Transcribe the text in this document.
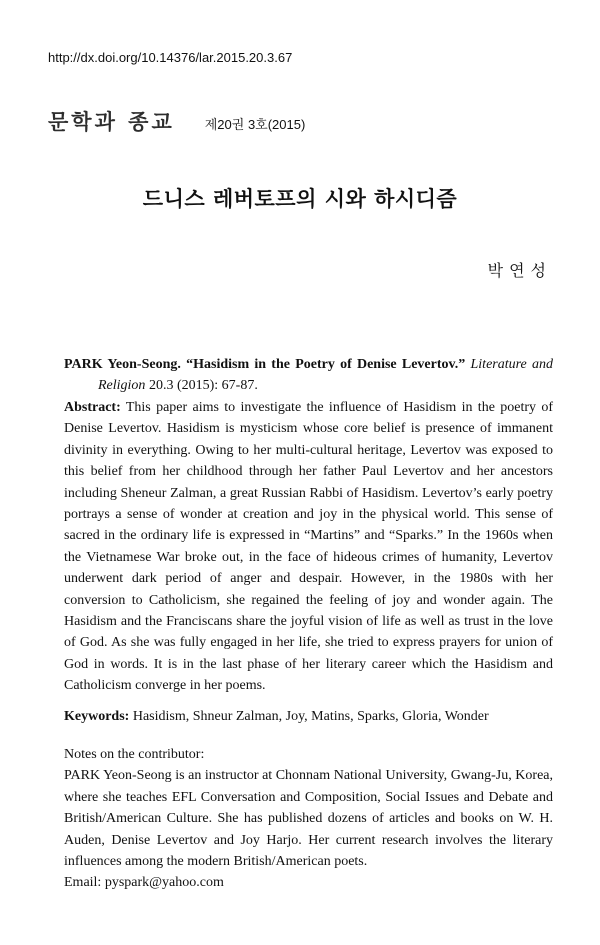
http://dx.doi.org/10.14376/lar.2015.20.3.67
문학과 종교 제20권 3호(2015)
드니스 레버토프의 시와 하시디즘
박연성
PARK Yeon-Seong. “Hasidism in the Poetry of Denise Levertov.” Literature and Religion 20.3 (2015): 67-87.
Abstract: This paper aims to investigate the influence of Hasidism in the poetry of Denise Levertov. Hasidism is mysticism whose core belief is presence of immanent divinity in everything. Owing to her multi-cultural heritage, Levertov was exposed to this belief from her childhood through her father Paul Levertov and her ancestors including Sheneur Zalman, a great Russian Rabbi of Hasidism. Levertov’s early poetry portrays a sense of wonder at creation and joy in the physical world. This sense of sacred in the ordinary life is expressed in “Martins” and “Sparks.” In the 1960s when the Vietnamese War broke out, in the face of hideous crimes of humanity, Levertov underwent dark period of anger and despair. However, in the 1980s with her conversion to Catholicism, she regained the feeling of joy and wonder again. The Hasidism and the Franciscans share the joyful vision of life as well as trust in the love of God. As she was fully engaged in her life, she tried to express prayers for union of God in words. It is in the last phase of her literary career which the Hasidism and Catholicism converge in her poems.
Keywords: Hasidism, Shneur Zalman, Joy, Matins, Sparks, Gloria, Wonder
Notes on the contributor:
PARK Yeon-Seong is an instructor at Chonnam National University, Gwang-Ju, Korea, where she teaches EFL Conversation and Composition, Social Issues and Debate and British/American Culture. She has published dozens of articles and books on W. H. Auden, Denise Levertov and Joy Harjo. Her current research involves the literary influences among the modern British/American poets.
Email: pyspark@yahoo.com
